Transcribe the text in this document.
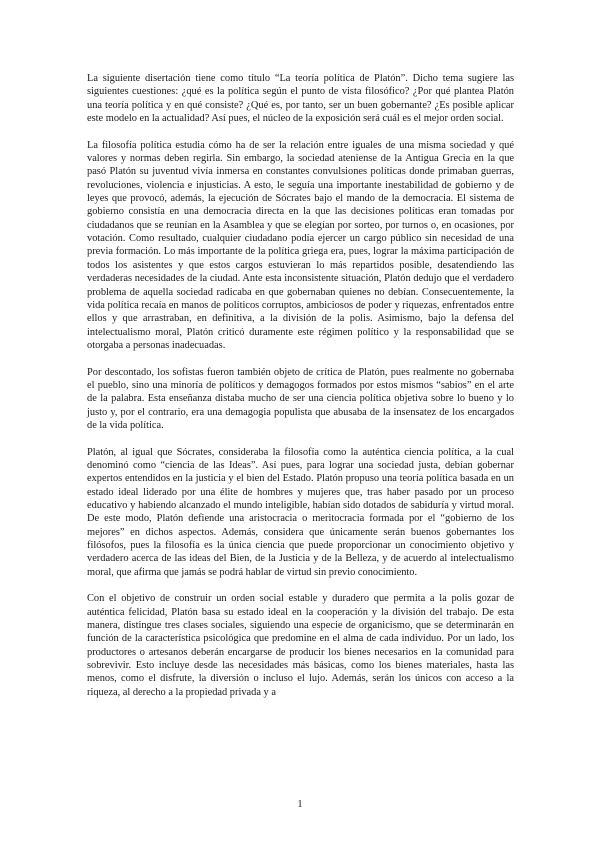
La siguiente disertación tiene como título “La teoría política de Platón”. Dicho tema sugiere las siguientes cuestiones: ¿qué es la política según el punto de vista filosófico? ¿Por qué plantea Platón una teoría política y en qué consiste? ¿Qué es, por tanto, ser un buen gobernante? ¿Es posible aplicar este modelo en la actualidad? Así pues, el núcleo de la exposición será cuál es el mejor orden social.

La filosofía política estudia cómo ha de ser la relación entre iguales de una misma sociedad y qué valores y normas deben regirla. Sin embargo, la sociedad ateniense de la Antigua Grecia en la que pasó Platón su juventud vivía inmersa en constantes convulsiones políticas donde primaban guerras, revoluciones, violencia e injusticias. A esto, le seguía una importante inestabilidad de gobierno y de leyes que provocó, además, la ejecución de Sócrates bajo el mando de la democracia. El sistema de gobierno consistía en una democracia directa en la que las decisiones políticas eran tomadas por ciudadanos que se reunían en la Asamblea y que se elegían por sorteo, por turnos o, en ocasiones, por votación. Como resultado, cualquier ciudadano podía ejercer un cargo público sin necesidad de una previa formación. Lo más importante de la política griega era, pues, lograr la máxima participación de todos los asistentes y que estos cargos estuvieran lo más repartidos posible, desatendiendo las verdaderas necesidades de la ciudad. Ante esta inconsistente situación, Platón dedujo que el verdadero problema de aquella sociedad radicaba en que gobernaban quienes no debían. Consecuentemente, la vida política recaía en manos de políticos corruptos, ambiciosos de poder y riquezas, enfrentados entre ellos y que arrastraban, en definitiva, a la división de la polis. Asimismo, bajo la defensa del intelectualismo moral, Platón criticó duramente este régimen político y la responsabilidad que se otorgaba a personas inadecuadas.

Por descontado, los sofistas fueron también objeto de crítica de Platón, pues realmente no gobernaba el pueblo, sino una minoría de políticos y demagogos formados por estos mismos “sabios” en el arte de la palabra. Esta enseñanza distaba mucho de ser una ciencia política objetiva sobre lo bueno y lo justo y, por el contrario, era una demagogia populista que abusaba de la insensatez de los encargados de la vida política.

Platón, al igual que Sócrates, consideraba la filosofía como la auténtica ciencia política, a la cual denominó como “ciencia de las Ideas”. Así pues, para lograr una sociedad justa, debían gobernar expertos entendidos en la justicia y el bien del Estado. Platón propuso una teoría política basada en un estado ideal liderado por una élite de hombres y mujeres que, tras haber pasado por un proceso educativo y habiendo alcanzado el mundo inteligible, habían sido dotados de sabiduría y virtud moral. De este modo, Platón defiende una aristocracia o meritocracia formada por el “gobierno de los mejores” en dichos aspectos. Además, considera que únicamente serán buenos gobernantes los filósofos, pues la filosofía es la única ciencia que puede proporcionar un conocimiento objetivo y verdadero acerca de las ideas del Bien, de la Justicia y de la Belleza, y de acuerdo al intelectualismo moral, que afirma que jamás se podrá hablar de virtud sin previo conocimiento.

Con el objetivo de construir un orden social estable y duradero que permita a la polis gozar de auténtica felicidad, Platón basa su estado ideal en la cooperación y la división del trabajo. De esta manera, distingue tres clases sociales, siguiendo una especie de organicismo, que se determinarán en función de la característica psicológica que predomine en el alma de cada individuo. Por un lado, los productores o artesanos deberán encargarse de producir los bienes necesarios en la comunidad para sobrevivir. Esto incluye desde las necesidades más básicas, como los bienes materiales, hasta las menos, como el disfrute, la diversión o incluso el lujo. Además, serán los únicos con acceso a la riqueza, al derecho a la propiedad privada y a

1
